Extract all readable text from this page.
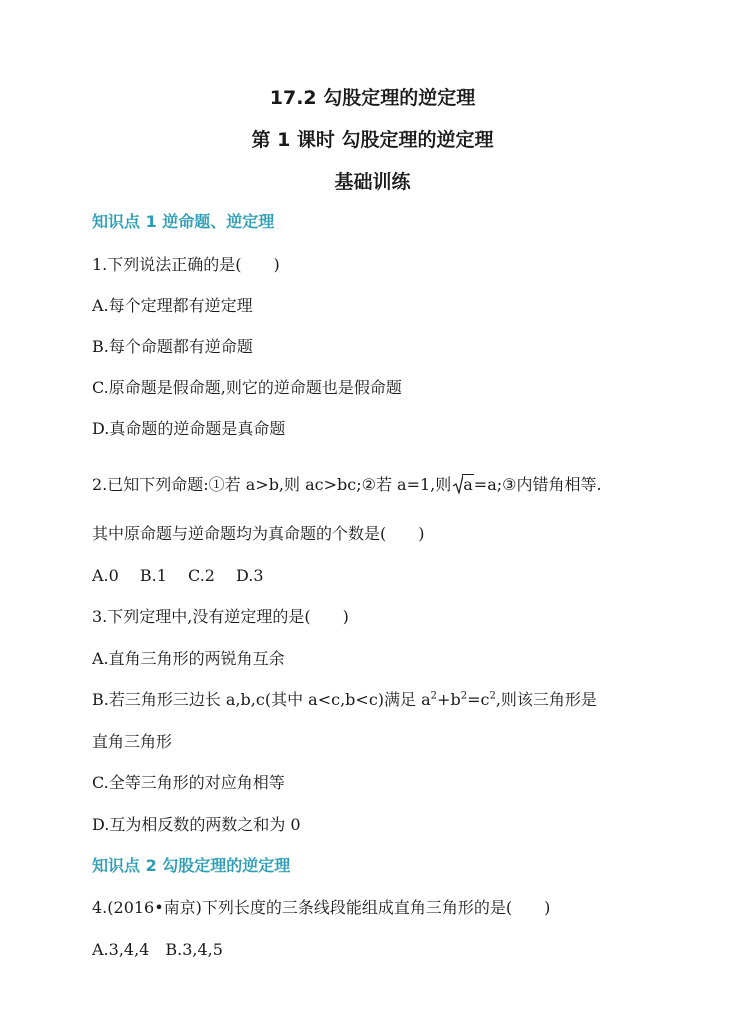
17.2 勾股定理的逆定理
第 1 课时 勾股定理的逆定理
基础训练
知识点 1 逆命题、逆定理
1.下列说法正确的是(　　)
A.每个定理都有逆定理
B.每个命题都有逆命题
C.原命题是假命题,则它的逆命题也是假命题
D.真命题的逆命题是真命题
2.已知下列命题:①若 a>b,则 ac>bc;②若 a=1,则 a=a;③内错角相等.
其中原命题与逆命题均为真命题的个数是(　　)
A.0　 B.1　 C.2　 D.3
3.下列定理中,没有逆定理的是(　　)
A.直角三角形的两锐角互余
B.若三角形三边长 a,b,c(其中 a<c,b<c)满足 $a^2+b^2=c^2$,则该三角形是
直角三角形
C.全等三角形的对应角相等
D.互为相反数的两数之和为 0
知识点 2 勾股定理的逆定理
4.(2016•南京)下列长度的三条线段能组成直角三角形的是(　　)
A.3,4,4　B.3,4,5
